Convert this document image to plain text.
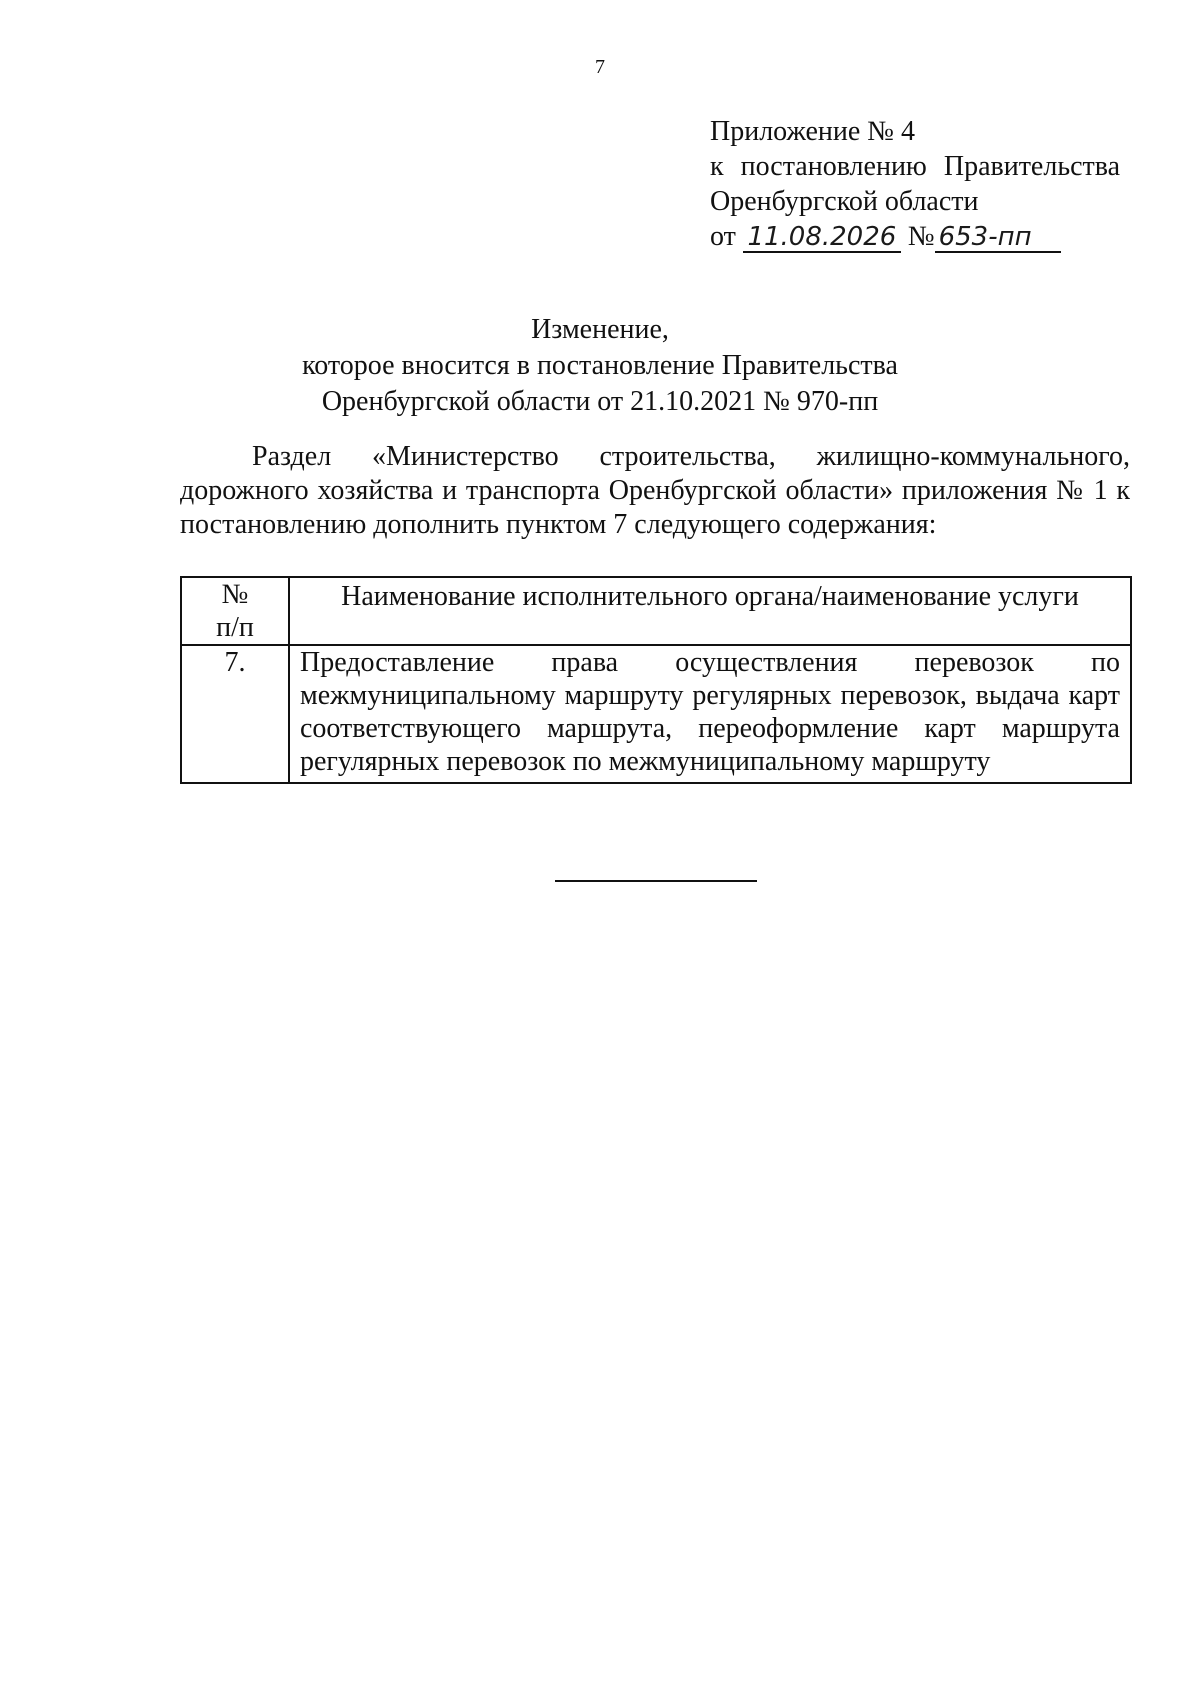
7
Приложение № 4
к постановлению Правительства
Оренбургской области
от 11.08.2026 № 653-пп
Изменение,
которое вносится в постановление Правительства
Оренбургской области от 21.10.2021 № 970-пп

Раздел «Министерство строительства, жилищно-коммунального, дорожного хозяйства и транспорта Оренбургской области» приложения № 1 к постановлению дополнить пунктом 7 следующего содержания:

№
п/п	Наименование исполнительного органа/наименование услуги
7.	Предоставление права осуществления перевозок по межмуниципальному маршруту регулярных перевозок, выдача карт соответствующего маршрута, переоформление карт маршрута регулярных перевозок по межмуниципальному маршруту
